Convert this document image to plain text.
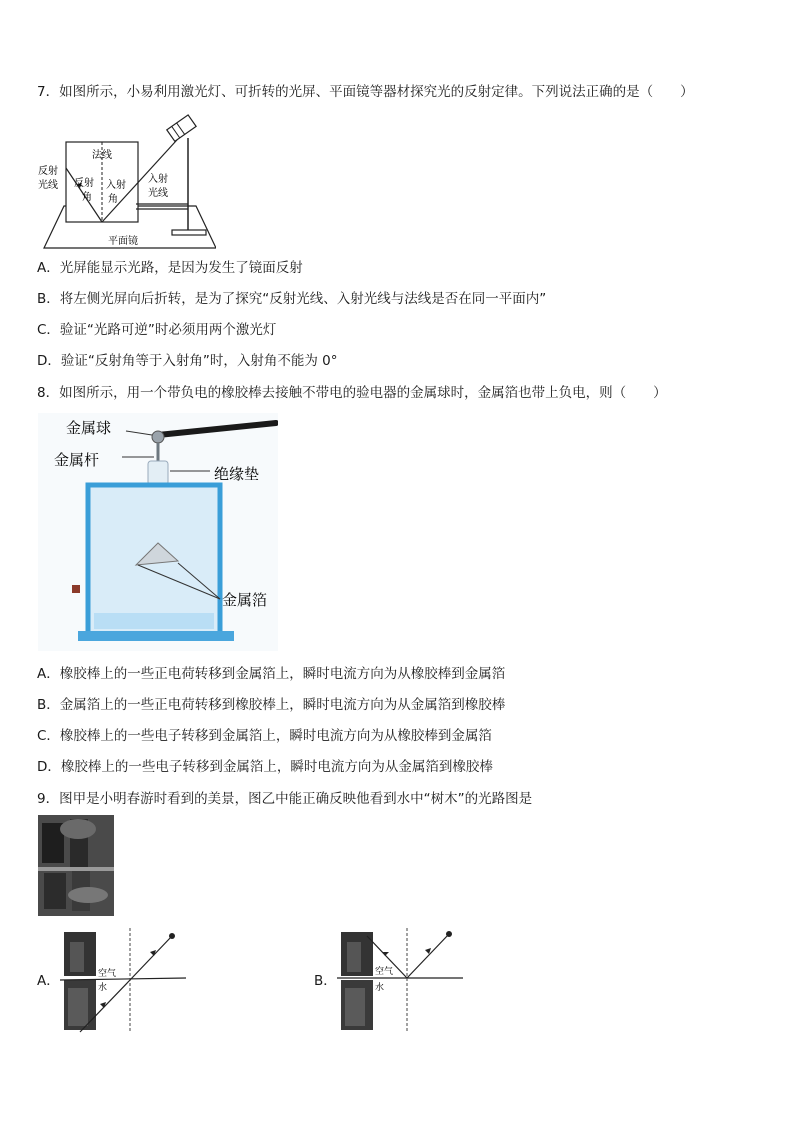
7．如图所示，小易利用激光灯、可折转的光屏、平面镜等器材探究光的反射定律。下列说法正确的是（　　）
法线
反射
光线 反射
角
入射
角
入射
光线
平面镜
A．光屏能显示光路，是因为发生了镜面反射
B．将左侧光屏向后折转，是为了探究“反射光线、入射光线与法线是否在同一平面内”
C．验证“光路可逆”时必须用两个激光灯
D．验证“反射角等于入射角”时，入射角不能为 0°
8．如图所示，用一个带负电的橡胶棒去接触不带电的验电器的金属球时，金属箔也带上负电，则（　　）
金属球
金属杆
绝缘垫
金属箔
A．橡胶棒上的一些正电荷转移到金属箔上，瞬时电流方向为从橡胶棒到金属箔
B．金属箔上的一些正电荷转移到橡胶棒上，瞬时电流方向为从金属箔到橡胶棒
C．橡胶棒上的一些电子转移到金属箔上，瞬时电流方向为从橡胶棒到金属箔
D．橡胶棒上的一些电子转移到金属箔上，瞬时电流方向为从金属箔到橡胶棒
9．图甲是小明春游时看到的美景，图乙中能正确反映他看到水中“树木”的光路图是
A．	空气
水	B．
空气
水
